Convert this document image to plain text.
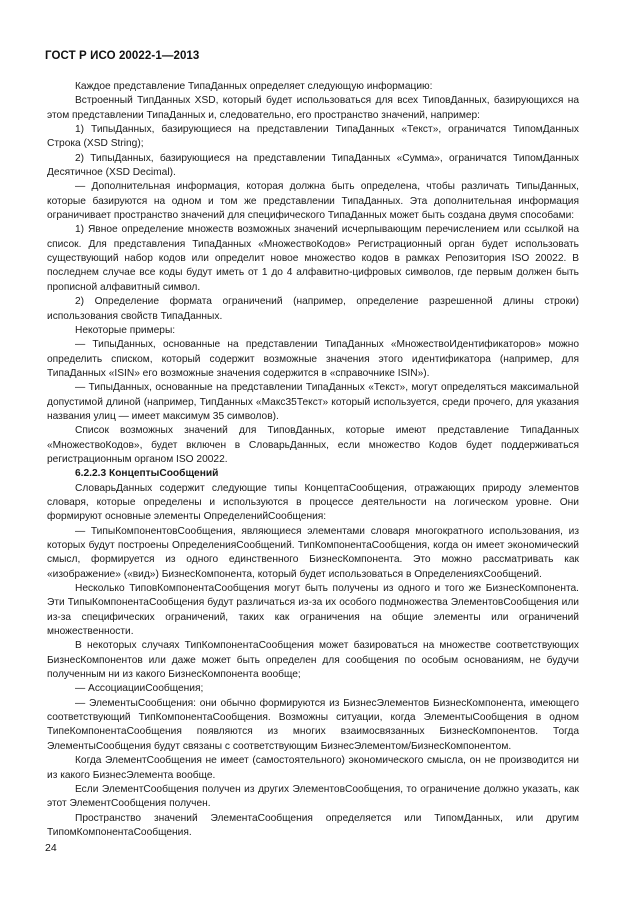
ГОСТ Р ИСО 20022-1—2013

Каждое представление ТипаДанных определяет следующую информацию:

Встроенный ТипДанных XSD, который будет использоваться для всех ТиповДанных, базирующихся на этом представлении ТипаДанных и, следовательно, его пространство значений, например:

1) ТипыДанных, базирующиеся на представлении ТипаДанных «Текст», ограничатся ТипомДанных Строка (XSD String);

2) ТипыДанных, базирующиеся на представлении ТипаДанных «Сумма», ограничатся ТипомДанных Десятичное (XSD Decimal).

— Дополнительная информация, которая должна быть определена, чтобы различать ТипыДанных, которые базируются на одном и том же представлении ТипаДанных. Эта дополнительная информация ограничивает пространство значений для специфического ТипаДанных может быть создана двумя способами:

1) Явное определение множеств возможных значений исчерпывающим перечислением или ссылкой на список. Для представления ТипаДанных «МножествоКодов» Регистрационный орган будет использовать существующий набор кодов или определит новое множество кодов в рамках Репозитория ISO 20022. В последнем случае все коды будут иметь от 1 до 4 алфавитно-цифровых символов, где первым должен быть прописной алфавитный символ.

2) Определение формата ограничений (например, определение разрешенной длины строки) использования свойств ТипаДанных.

Некоторые примеры:

— ТипыДанных, основанные на представлении ТипаДанных «МножествоИдентификаторов» можно определить списком, который содержит возможные значения этого идентификатора (например, для ТипаДанных «ISIN» его возможные значения содержится в «справочнике ISIN»).

— ТипыДанных, основанные на представлении ТипаДанных «Текст», могут определяться максимальной допустимой длиной (например, ТипДанных «Макс35Текст» который используется, среди прочего, для указания названия улиц — имеет максимум 35 символов).

Список возможных значений для ТиповДанных, которые имеют представление ТипаДанных «МножествоКодов», будет включен в СловарьДанных, если множество Кодов будет поддерживаться регистрационным органом ISO 20022.

6.2.2.3 КонцептыСообщений

СловарьДанных содержит следующие типы КонцептаСообщения, отражающих природу элементов словаря, которые определены и используются в процессе деятельности на логическом уровне. Они формируют основные элементы ОпределенийСообщения:

— ТипыКомпонентовСообщения, являющиеся элементами словаря многократного использования, из которых будут построены ОпределенияСообщений. ТипКомпонентаСообщения, когда он имеет экономический смысл, формируется из одного единственного БизнесКомпонента. Это можно рассматривать как «изображение» («вид») БизнесКомпонента, который будет использоваться в ОпределенияхСообщений.

Несколько ТиповКомпонентаСообщения могут быть получены из одного и того же БизнесКомпонента. Эти ТипыКомпонентаСообщения будут различаться из-за их особого подмножества ЭлементовСообщения или из-за специфических ограничений, таких как ограничения на общие элементы или ограничений множественности.

В некоторых случаях ТипКомпонентаСообщения может базироваться на множестве соответствующих БизнесКомпонентов или даже может быть определен для сообщения по особым основаниям, не будучи полученным ни из какого БизнесКомпонента вообще;

— АссоциацииСообщения;

— ЭлементыСообщения: они обычно формируются из БизнесЭлементов БизнесКомпонента, имеющего соответствующий ТипКомпонентаСообщения. Возможны ситуации, когда ЭлементыСообщения в одном ТипеКомпонентаСообщения появляются из многих взаимосвязанных БизнесКомпонентов. Тогда ЭлементыСообщения будут связаны с соответствующим БизнесЭлементом/БизнесКомпонентом.

Когда ЭлементСообщения не имеет (самостоятельного) экономического смысла, он не производится ни из какого БизнесЭлемента вообще.

Если ЭлементСообщения получен из других ЭлементовСообщения, то ограничение должно указать, как этот ЭлементСообщения получен.

Пространство значений ЭлементаСообщения определяется или ТипомДанных, или другим ТипомКомпонентаСообщения.

24
